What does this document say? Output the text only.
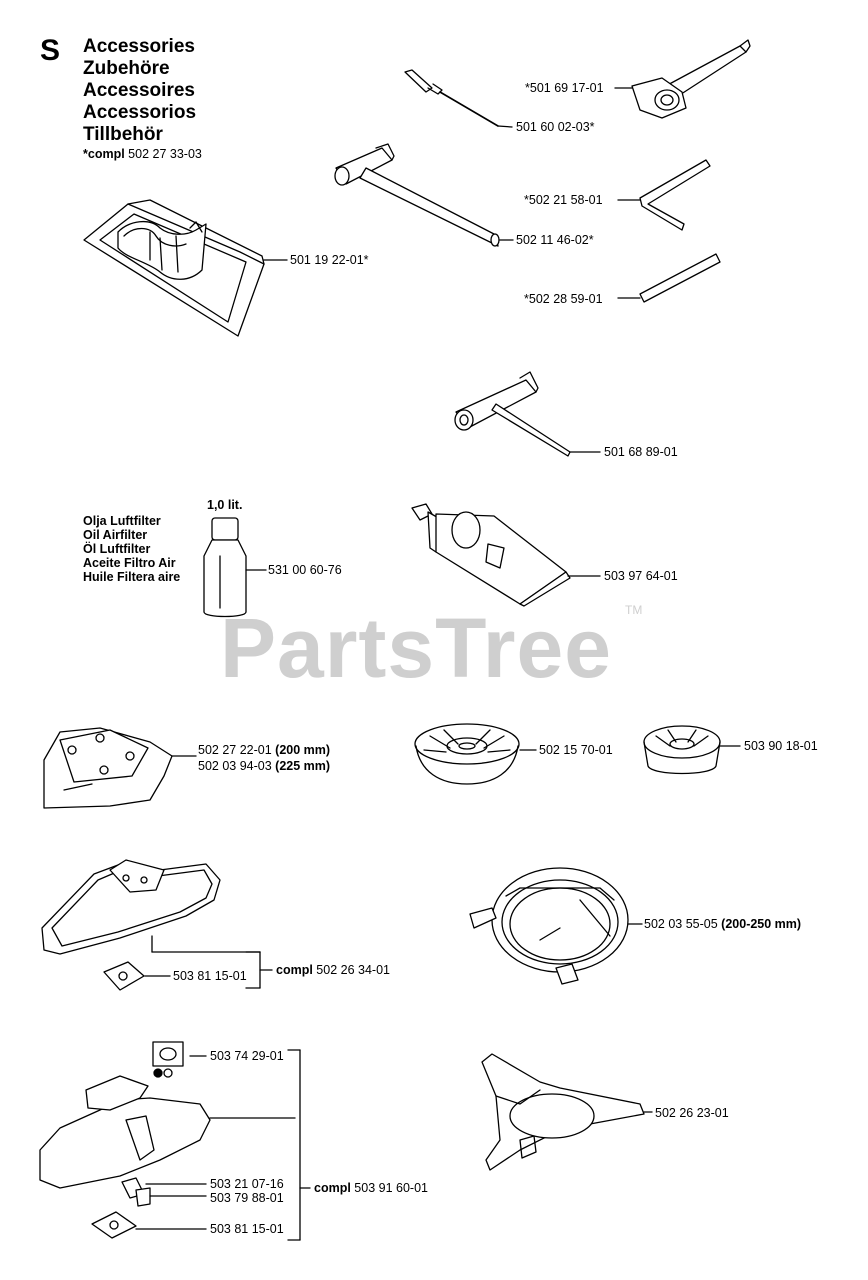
S Accessories
Zubehöre
Accessoires
Accessorios
Tillbehör
*compl 502 27 33-03
*501 69 17-01
501 60 02-03*
501 19 22-01*
*502 21 58-01
502 11 46-02*
*502 28 59-01
501 68 89-01
1,0 lit.
Olja Luftfilter
Oil Airfilter
Öl Luftfilter
Aceite Filtro Air
Huile Filtera aire	531 00 60-76	503 97 64-01
PartsTree TM
502 27 22-01 (200 mm)
502 03 94-03 (225 mm)
502 15 70-01	503 90 18-01
503 81 15-01 compl 502 26 34-01
502 03 55-05 (200-250 mm)
503 74 29-01
503 21 07-16
503 79 88-01
503 81 15-01
compl 503 91 60-01
502 26 23-01
